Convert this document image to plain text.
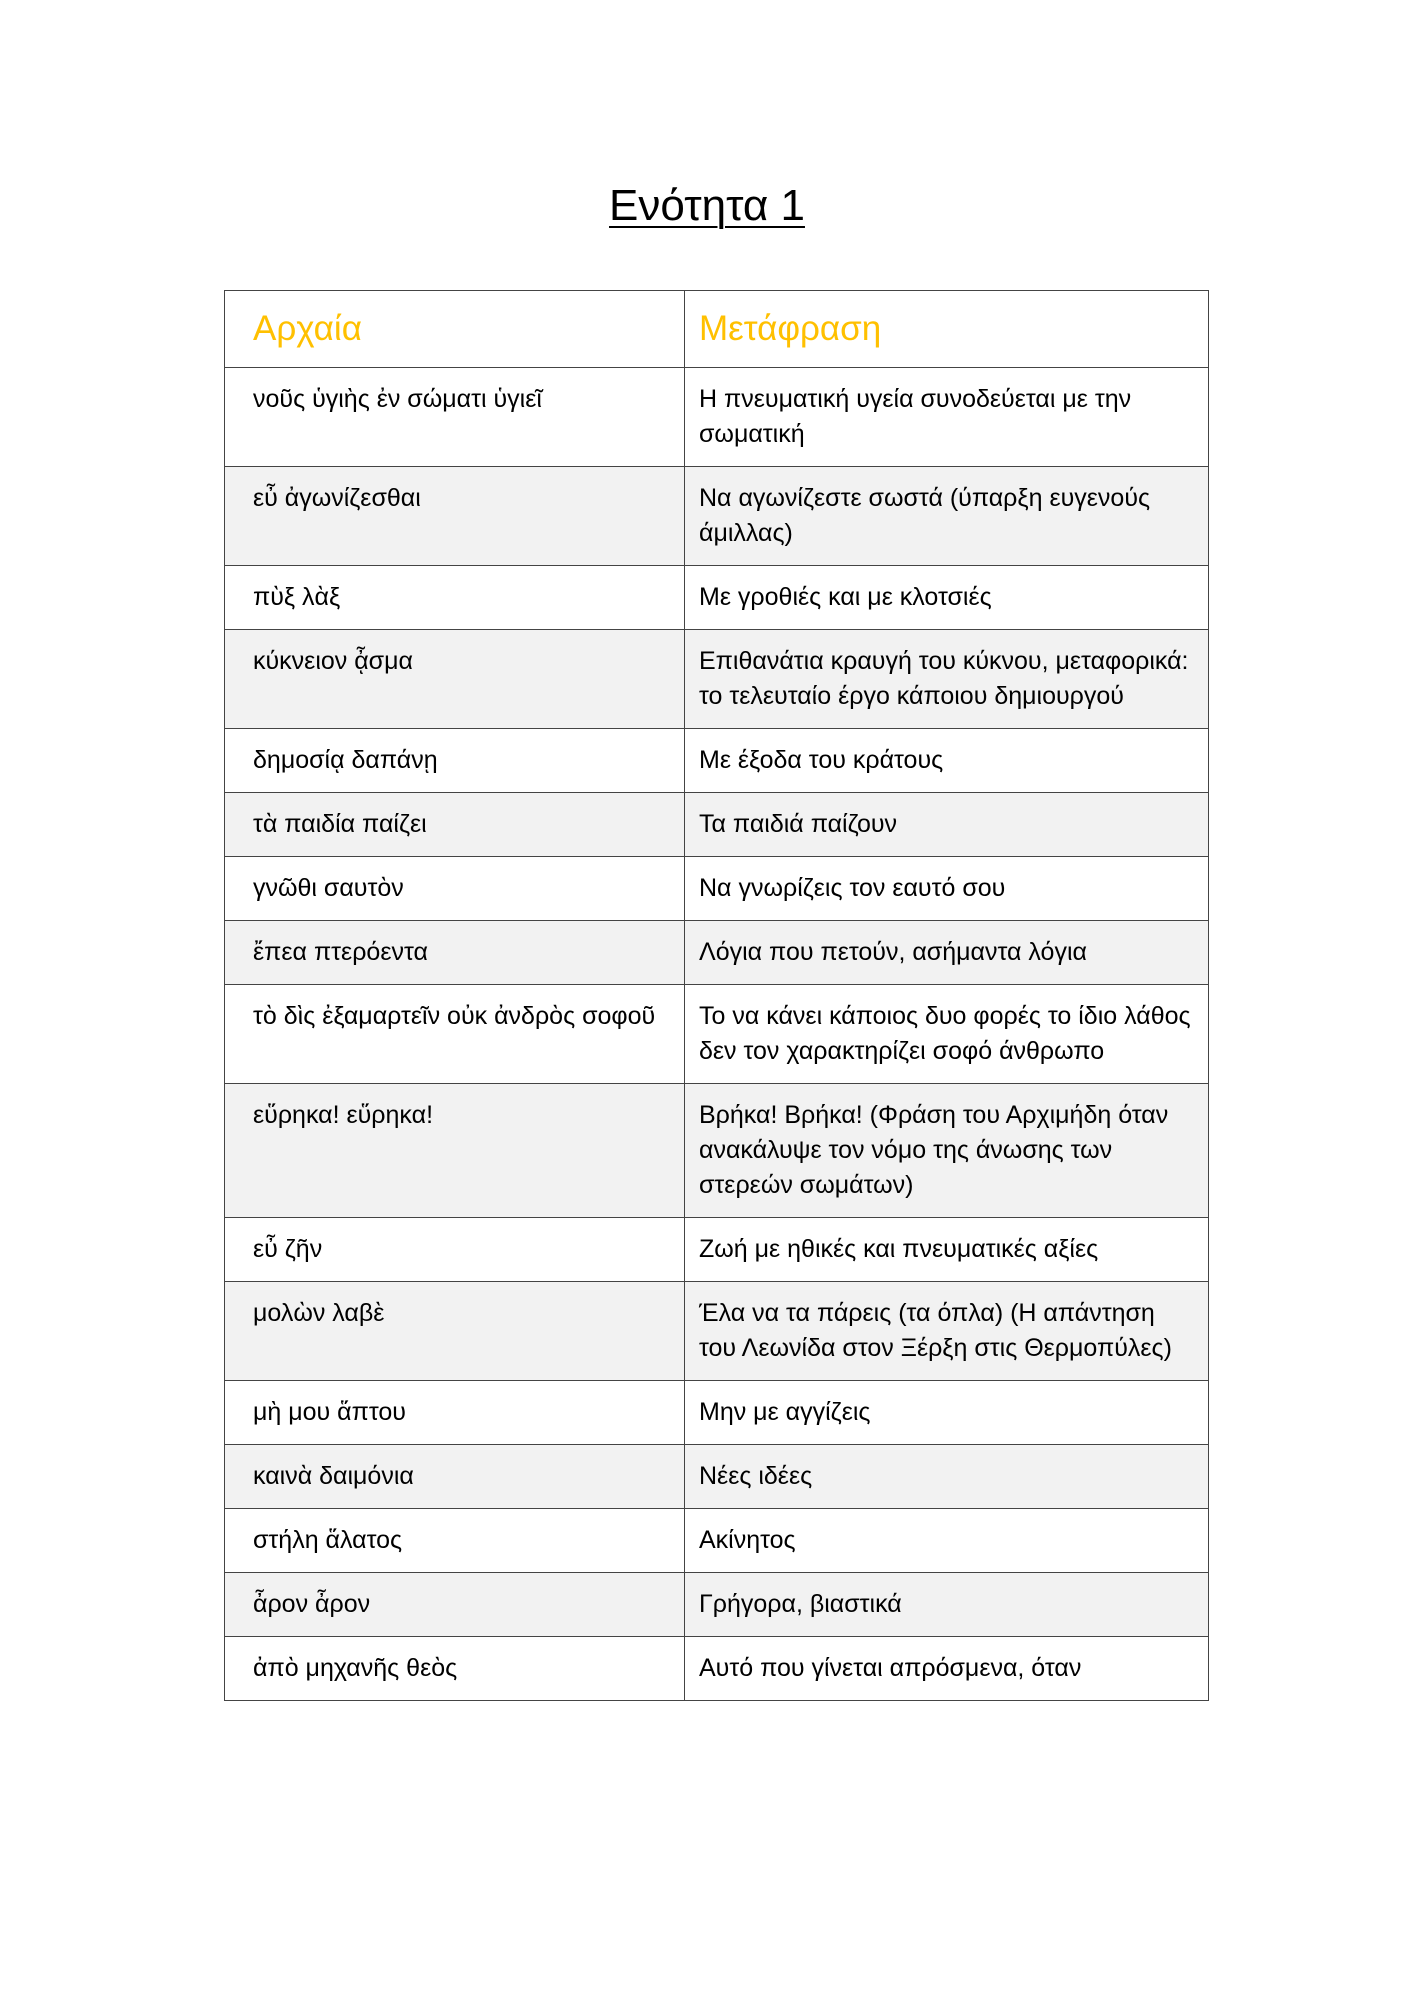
Ενότητα 1
Αρχαία	Μετάφραση
νοῦς ὑγιὴς ἐν σώματι ὑγιεῖ	Η πνευματική υγεία συνοδεύεται με την σωματική
εὖ ἀγωνίζεσθαι	Να αγωνίζεστε σωστά (ύπαρξη ευγενούς άμιλλας)
πὺξ λὰξ	Με γροθιές και με κλοτσιές
κύκνειον ᾆσμα	Επιθανάτια κραυγή του κύκνου, μεταφορικά: το τελευταίο έργο κάποιου δημιουργού
δημοσίᾳ δαπάνῃ	Με έξοδα του κράτους
τὰ παιδία παίζει	Τα παιδιά παίζουν
γνῶθι σαυτὸν	Να γνωρίζεις τον εαυτό σου
ἔπεα πτερόεντα	Λόγια που πετούν, ασήμαντα λόγια
τὸ δὶς ἐξαμαρτεῖν οὐκ ἀνδρὸς σοφοῦ	Το να κάνει κάποιος δυο φορές το ίδιο λάθος δεν τον χαρακτηρίζει σοφό άνθρωπο
εὕρηκα! εὕρηκα!	Βρήκα! Βρήκα! (Φράση του Αρχιμήδη όταν ανακάλυψε τον νόμο της άνωσης των στερεών σωμάτων)
εὖ ζῆν	Ζωή με ηθικές και πνευματικές αξίες
μολὼν λαβὲ	Έλα να τα πάρεις (τα όπλα) (Η απάντηση του Λεωνίδα στον Ξέρξη στις Θερμοπύλες)
μὴ μου ἅπτου	Μην με αγγίζεις
καινὰ δαιμόνια	Νέες ιδέες
στήλη ἅλατος	Ακίνητος
ἆρον ἆρον	Γρήγορα, βιαστικά
ἀπὸ μηχανῆς θεὸς	Αυτό που γίνεται απρόσμενα, όταν
